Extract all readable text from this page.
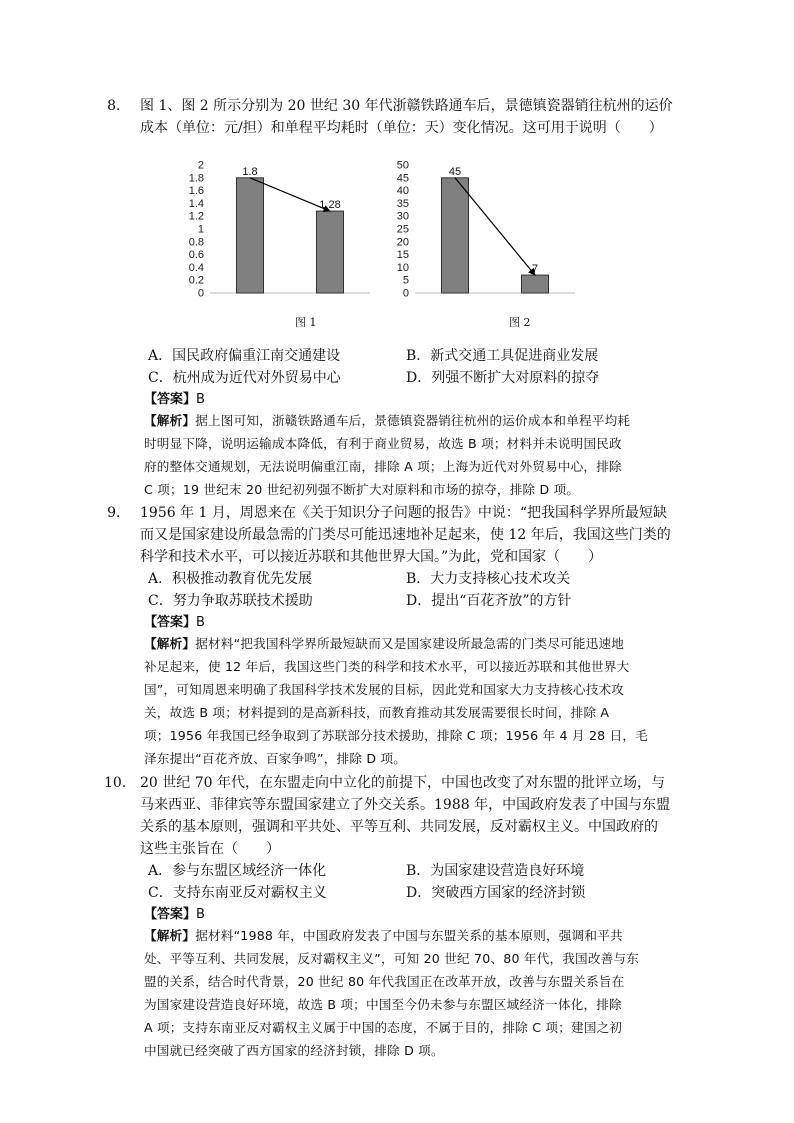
8． 图 1、图 2 所示分别为 20 世纪 30 年代浙赣铁路通车后，景德镇瓷器销往杭州的运价
成本（单位：元/担）和单程平均耗时（单位：天）变化情况。这可用于说明（　　）
0
0.2
0.4
0.6
0.8
1
1.2
1.4
1.6
1.8
2
1.8
1.28
图 1
0
5
10
15
20
25
30
35
40
45
50
45
7
图 2
A．国民政府偏重江南交通建设	B．新式交通工具促进商业发展
C．杭州成为近代对外贸易中心	D．列强不断扩大对原料的掠夺
【答案】B
【解析】据上图可知，浙赣铁路通车后，景德镇瓷器销往杭州的运价成本和单程平均耗
时明显下降，说明运输成本降低，有利于商业贸易，故选 B 项；材料并未说明国民政
府的整体交通规划，无法说明偏重江南，排除 A 项；上海为近代对外贸易中心，排除
C 项；19 世纪末 20 世纪初列强不断扩大对原料和市场的掠夺，排除 D 项。
9． 1956 年 1 月，周恩来在《关于知识分子问题的报告》中说：“把我国科学界所最短缺
而又是国家建设所最急需的门类尽可能迅速地补足起来，使 12 年后，我国这些门类的
科学和技术水平，可以接近苏联和其他世界大国。”为此，党和国家（　　）
A．积极推动教育优先发展	B．大力支持核心技术攻关
C．努力争取苏联技术援助	D．提出“百花齐放”的方针
【答案】B
【解析】据材料“把我国科学界所最短缺而又是国家建设所最急需的门类尽可能迅速地
补足起来，使 12 年后，我国这些门类的科学和技术水平，可以接近苏联和其他世界大
国”，可知周恩来明确了我国科学技术发展的目标，因此党和国家大力支持核心技术攻
关，故选 B 项；材料提到的是高新科技，而教育推动其发展需要很长时间，排除 A
项；1956 年我国已经争取到了苏联部分技术援助，排除 C 项；1956 年 4 月 28 日，毛
泽东提出“百花齐放、百家争鸣”，排除 D 项。
10． 20 世纪 70 年代，在东盟走向中立化的前提下，中国也改变了对东盟的批评立场，与
马来西亚、菲律宾等东盟国家建立了外交关系。1988 年，中国政府发表了中国与东盟
关系的基本原则，强调和平共处、平等互利、共同发展，反对霸权主义。中国政府的
这些主张旨在（　　）
A．参与东盟区域经济一体化	B．为国家建设营造良好环境
C．支持东南亚反对霸权主义	D．突破西方国家的经济封锁
【答案】B
【解析】据材料“1988 年，中国政府发表了中国与东盟关系的基本原则，强调和平共
处、平等互利、共同发展，反对霸权主义”，可知 20 世纪 70、80 年代，我国改善与东
盟的关系，结合时代背景，20 世纪 80 年代我国正在改革开放，改善与东盟关系旨在
为国家建设营造良好环境，故选 B 项；中国至今仍未参与东盟区域经济一体化，排除
A 项；支持东南亚反对霸权主义属于中国的态度，不属于目的，排除 C 项；建国之初
中国就已经突破了西方国家的经济封锁，排除 D 项。
